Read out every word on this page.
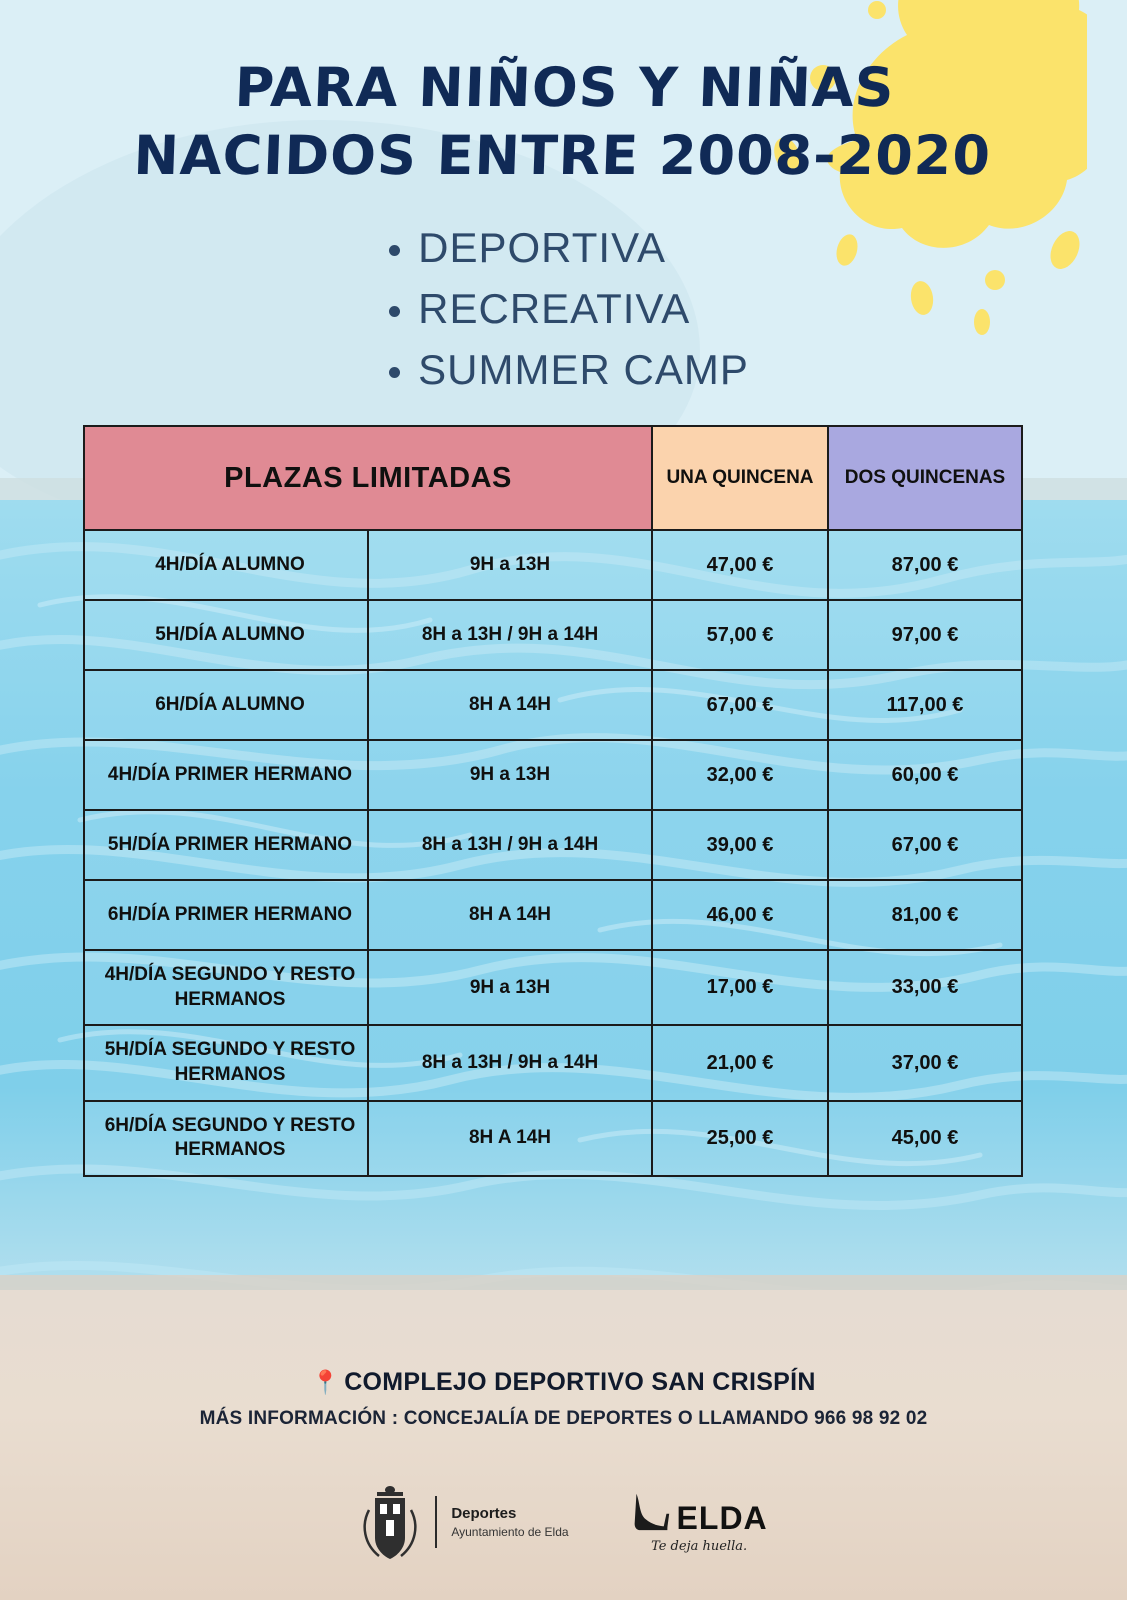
PARA NIÑOS Y NIÑAS
NACIDOS ENTRE 2008-2020
• DEPORTIVA
• RECREATIVA
• SUMMER CAMP
PLAZAS LIMITADAS		UNA QUINCENA	DOS QUINCENAS
4H/DÍA ALUMNO	9H a 13H	47,00 €	87,00 €
5H/DÍA ALUMNO	8H a 13H / 9H a 14H	57,00 €	97,00 €
6H/DÍA ALUMNO	8H A 14H	67,00 €	117,00 €
4H/DÍA PRIMER HERMANO	9H a 13H	32,00 €	60,00 €
5H/DÍA PRIMER HERMANO	8H a 13H / 9H a 14H	39,00 €	67,00 €
6H/DÍA PRIMER HERMANO	8H A 14H	46,00 €	81,00 €
4H/DÍA SEGUNDO Y RESTO HERMANOS	9H a 13H	17,00 €	33,00 €
5H/DÍA SEGUNDO Y RESTO HERMANOS	8H a 13H / 9H a 14H	21,00 €	37,00 €
6H/DÍA SEGUNDO Y RESTO HERMANOS	8H A 14H	25,00 €	45,00 €
📍 COMPLEJO DEPORTIVO SAN CRISPÍN
MÁS INFORMACIÓN : CONCEJALÍA DE DEPORTES O LLAMANDO 966 98 92 02
Deportes
Ayuntamiento de Elda	ELDA
Te deja huella.
